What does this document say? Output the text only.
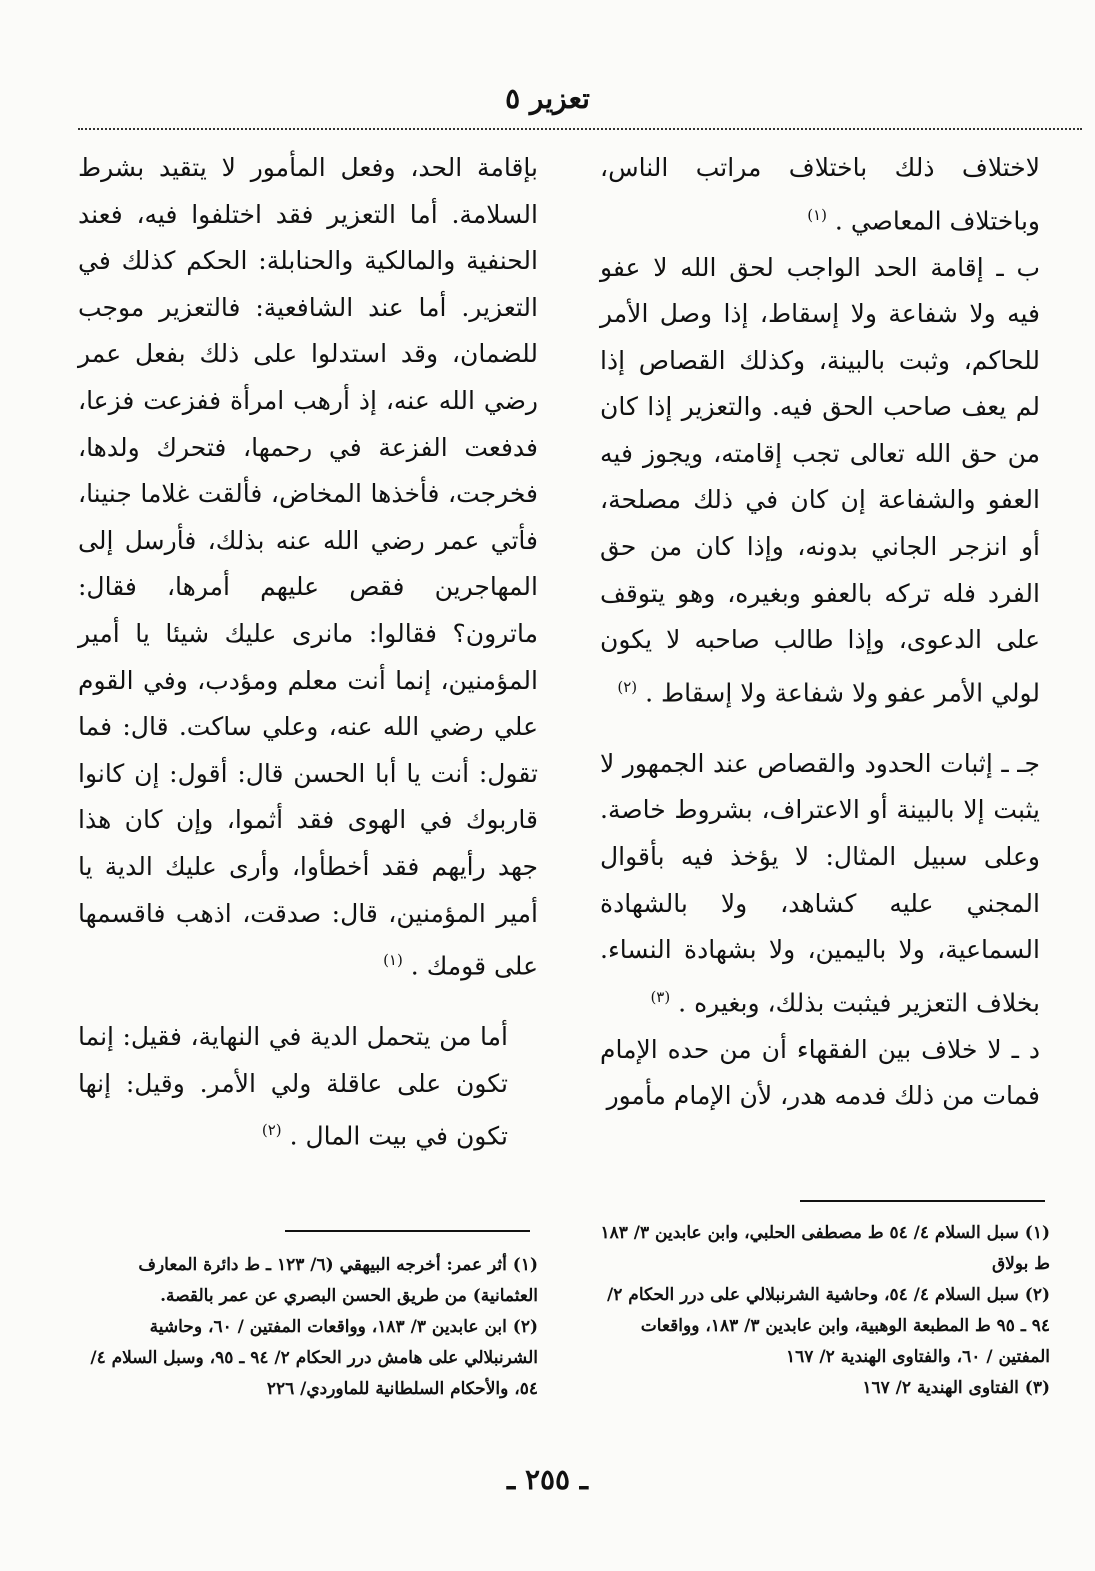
تعزير ٥

لاختلاف ذلك باختلاف مراتب الناس، وباختلاف المعاصي . $^{(١)}$

ب ـ إقامة الحد الواجب لحق الله لا عفو فيه ولا شفاعة ولا إسقاط، إذا وصل الأمر للحاكم، وثبت بالبينة، وكذلك القصاص إذا لم يعف صاحب الحق فيه. والتعزير إذا كان من حق الله تعالى تجب إقامته، ويجوز فيه العفو والشفاعة إن كان في ذلك مصلحة، أو انزجر الجاني بدونه، وإذا كان من حق الفرد فله تركه بالعفو وبغيره، وهو يتوقف على الدعوى، وإذا طالب صاحبه لا يكون لولي الأمر عفو ولا شفاعة ولا إسقاط . $^{(٢)}$

جـ ـ إثبات الحدود والقصاص عند الجمهور لا يثبت إلا بالبينة أو الاعتراف، بشروط خاصة. وعلى سبيل المثال: لا يؤخذ فيه بأقوال المجني عليه كشاهد، ولا بالشهادة السماعية، ولا باليمين، ولا بشهادة النساء. بخلاف التعزير فيثبت بذلك، وبغيره . $^{(٣)}$

د ـ لا خلاف بين الفقهاء أن من حده الإمام فمات من ذلك فدمه هدر، لأن الإمام مأمور

بإقامة الحد، وفعل المأمور لا يتقيد بشرط السلامة. أما التعزير فقد اختلفوا فيه، فعند الحنفية والمالكية والحنابلة: الحكم كذلك في التعزير. أما عند الشافعية: فالتعزير موجب للضمان، وقد استدلوا على ذلك بفعل عمر رضي الله عنه، إذ أرهب امرأة ففزعت فزعا، فدفعت الفزعة في رحمها، فتحرك ولدها، فخرجت، فأخذها المخاض، فألقت غلاما جنينا، فأتي عمر رضي الله عنه بذلك، فأرسل إلى المهاجرين فقص عليهم أمرها، فقال: ماترون؟ فقالوا: مانرى عليك شيئا يا أمير المؤمنين، إنما أنت معلم ومؤدب، وفي القوم علي رضي الله عنه، وعلي ساكت. قال: فما تقول: أنت يا أبا الحسن قال: أقول: إن كانوا قاربوك في الهوى فقد أثموا، وإن كان هذا جهد رأيهم فقد أخطأوا، وأرى عليك الدية يا أمير المؤمنين، قال: صدقت، اذهب فاقسمها على قومك . $^{(١)}$

أما من يتحمل الدية في النهاية، فقيل: إنما تكون على عاقلة ولي الأمر. وقيل: إنها تكون في بيت المال . $^{(٢)}$

(١) سبل السلام ٤/ ٥٤ ط مصطفى الحلبي، وابن عابدين ٣/ ١٨٣ ط بولاق

(٢) سبل السلام ٤/ ٥٤، وحاشية الشرنبلالي على درر الحكام ٢/ ٩٤ ـ ٩٥ ط المطبعة الوهبية، وابن عابدين ٣/ ١٨٣، وواقعات المفتين / ٦٠، والفتاوى الهندية ٢/ ١٦٧

(٣) الفتاوى الهندية ٢/ ١٦٧

(١) أثر عمر: أخرجه البيهقي (٦/ ١٢٣ ـ ط دائرة المعارف العثمانية) من طريق الحسن البصري عن عمر بالقصة.

(٢) ابن عابدين ٣/ ١٨٣، وواقعات المفتين / ٦٠، وحاشية الشرنبلالي على هامش درر الحكام ٢/ ٩٤ ـ ٩٥، وسبل السلام ٤/ ٥٤، والأحكام السلطانية للماوردي/ ٢٢٦

ـ ٢٥٥ ـ
